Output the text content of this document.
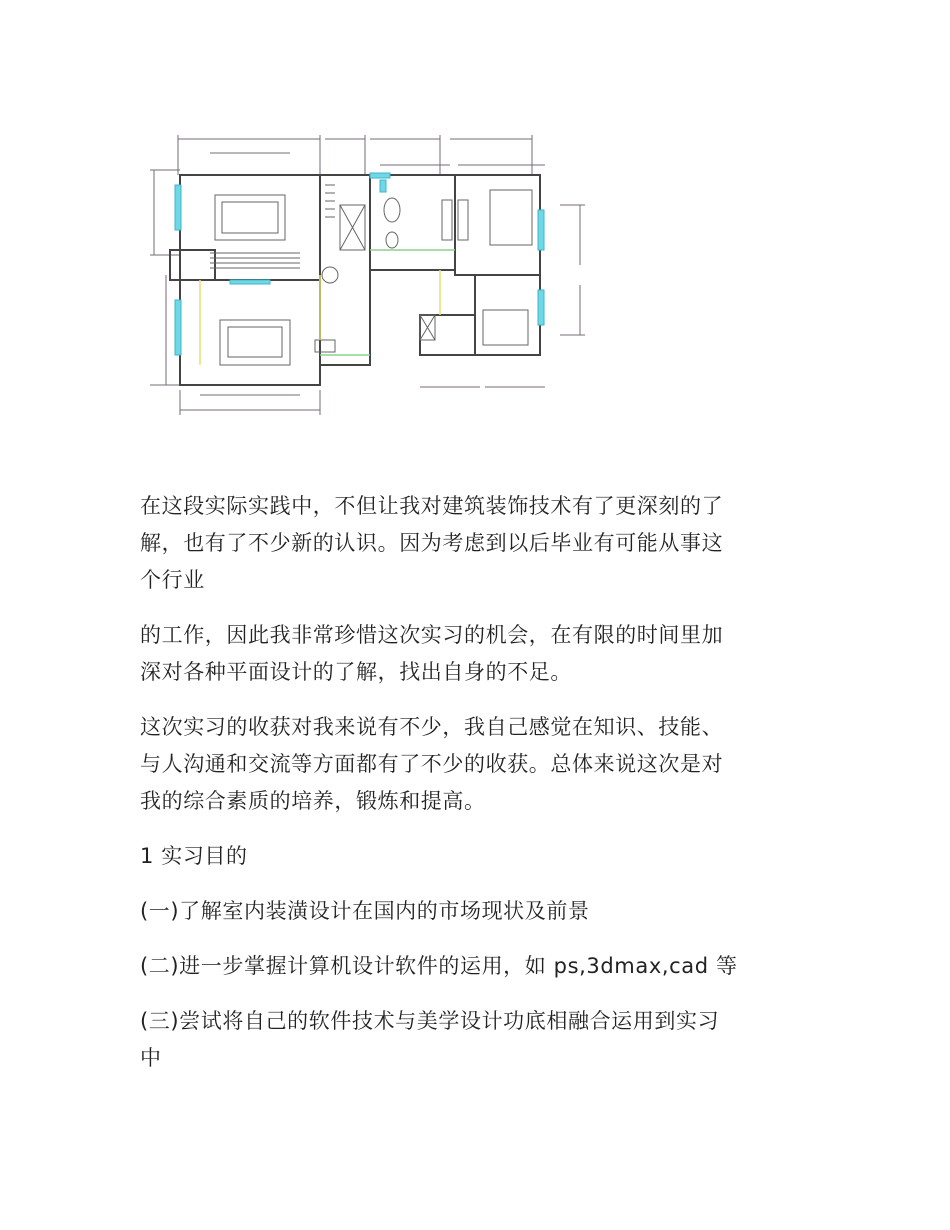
在这段实际实践中，不但让我对建筑装饰技术有了更深刻的了
解，也有了不少新的认识。因为考虑到以后毕业有可能从事这
个行业

的工作，因此我非常珍惜这次实习的机会，在有限的时间里加
深对各种平面设计的了解，找出自身的不足。

这次实习的收获对我来说有不少，我自己感觉在知识、技能、
与人沟通和交流等方面都有了不少的收获。总体来说这次是对
我的综合素质的培养，锻炼和提高。

1 实习目的

(一)了解室内装潢设计在国内的市场现状及前景

(二)进一步掌握计算机设计软件的运用，如 ps,3dmax,cad 等

(三)尝试将自己的软件技术与美学设计功底相融合运用到实习
中
